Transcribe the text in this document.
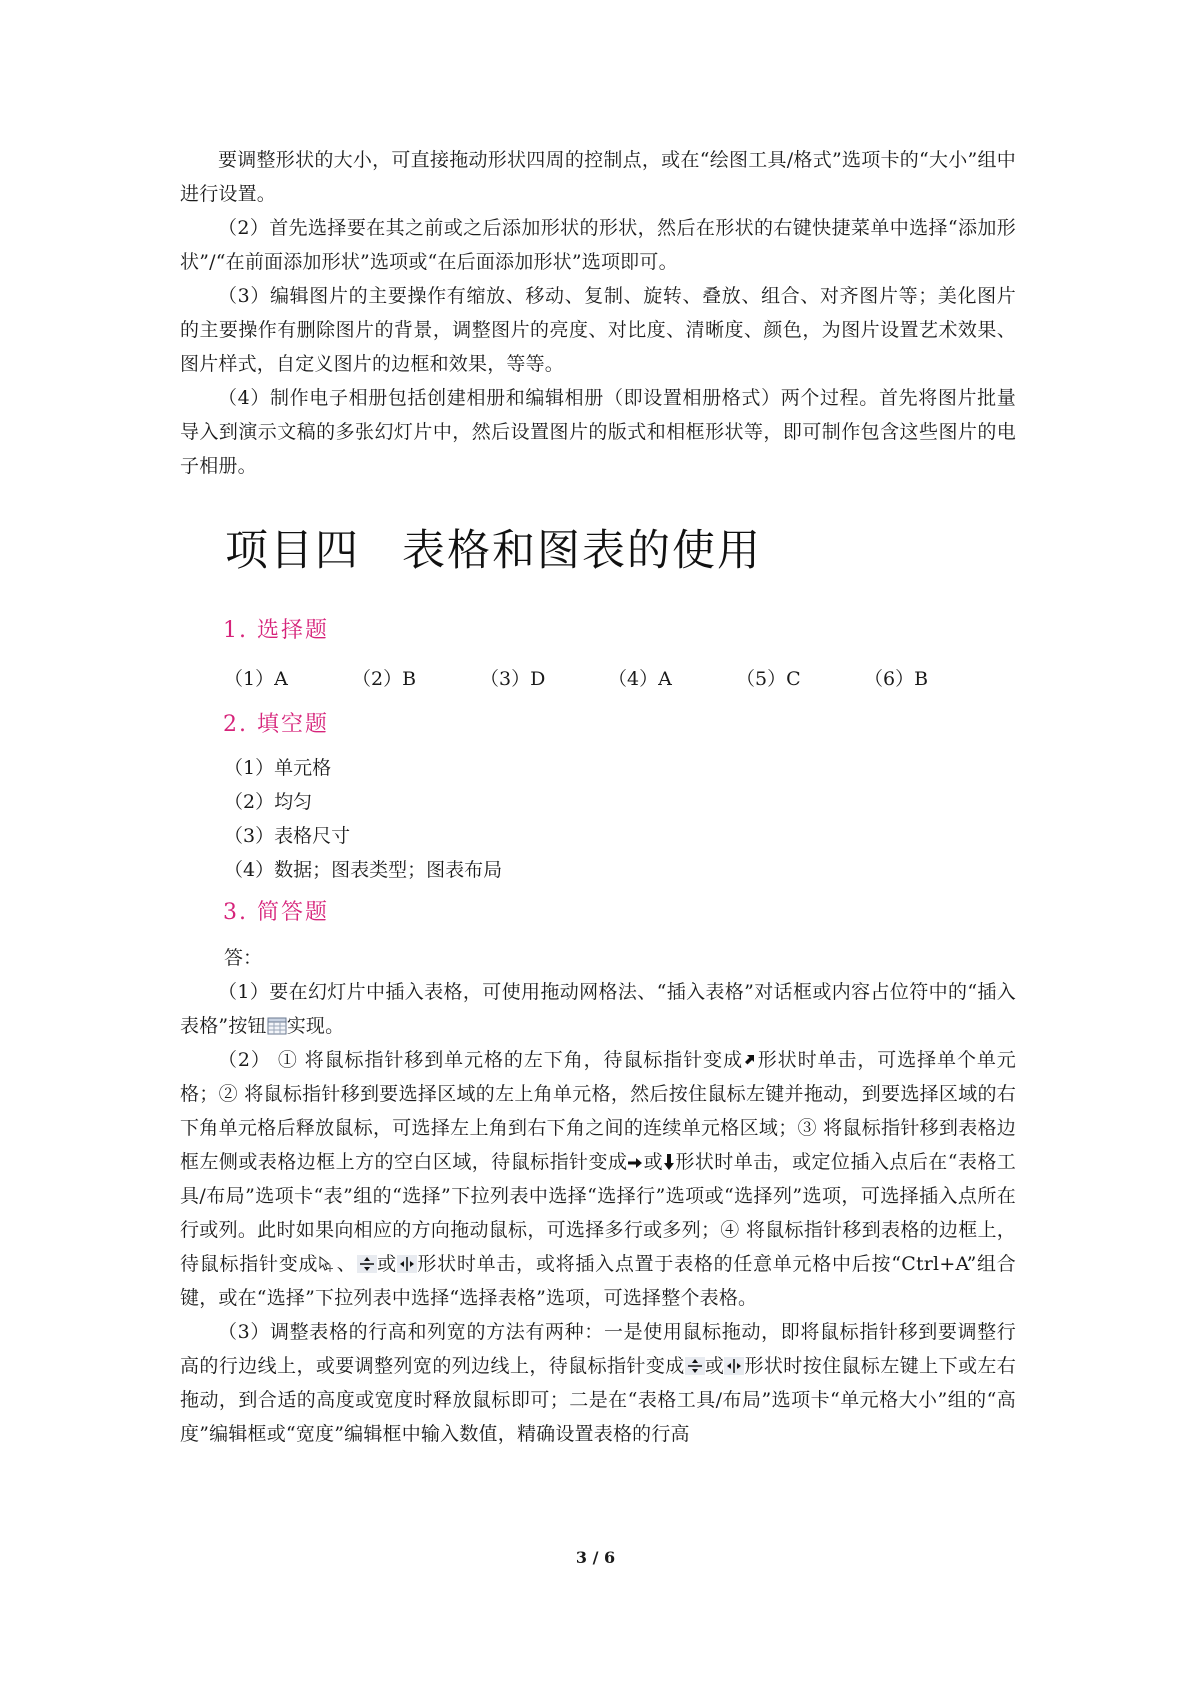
要调整形状的大小，可直接拖动形状四周的控制点，或在“绘图工具/格式”选项卡的“大小”组中进行设置。

（2）首先选择要在其之前或之后添加形状的形状，然后在形状的右键快捷菜单中选择“添加形状”/“在前面添加形状”选项或“在后面添加形状”选项即可。

（3）编辑图片的主要操作有缩放、移动、复制、旋转、叠放、组合、对齐图片等；美化图片的主要操作有删除图片的背景，调整图片的亮度、对比度、清晰度、颜色，为图片设置艺术效果、图片样式，自定义图片的边框和效果，等等。

（4）制作电子相册包括创建相册和编辑相册（即设置相册格式）两个过程。首先将图片批量导入到演示文稿的多张幻灯片中，然后设置图片的版式和相框形状等，即可制作包含这些图片的电子相册。

项目四 表格和图表的使用
1. 选择题
（1）A	（2）B	（3）D	（4）A	（5）C	（6）B
2. 填空题
（1）单元格
（2）均匀
（3）表格尺寸
（4）数据；图表类型；图表布局
3. 简答题
答：

（1）要在幻灯片中插入表格，可使用拖动网格法、“插入表格”对话框或内容占位符中的“插入表格”按钮 实现。

（2） ① 将鼠标指针移到单元格的左下角，待鼠标指针变成 形状时单击，可选择单个单元格；② 将鼠标指针移到要选择区域的左上角单元格，然后按住鼠标左键并拖动，到要选择区域的右下角单元格后释放鼠标，可选择左上角到右下角之间的连续单元格区域；③ 将鼠标指针移到表格边框左侧或表格边框上方的空白区域，待鼠标指针变成 或 形状时单击，或定位插入点后在“表格工具/布局”选项卡“表”组的“选择”下拉列表中选择“选择行”选项或“选择列”选项，可选择插入点所在行或列。此时如果向相应的方向拖动鼠标，可选择多行或多列；④ 将鼠标指针移到表格的边框上，待鼠标指针变成 、 或 形状时单击，或将插入点置于表格的任意单元格中后按“Ctrl+A”组合键，或在“选择”下拉列表中选择“选择表格”选项，可选择整个表格。

（3）调整表格的行高和列宽的方法有两种：一是使用鼠标拖动，即将鼠标指针移到要调整行高的行边线上，或要调整列宽的列边线上，待鼠标指针变成 或 形状时按住鼠标左键上下或左右拖动，到合适的高度或宽度时释放鼠标即可；二是在“表格工具/布局”选项卡“单元格大小”组的“高度”编辑框或“宽度”编辑框中输入数值，精确设置表格的行高

3 / 6
